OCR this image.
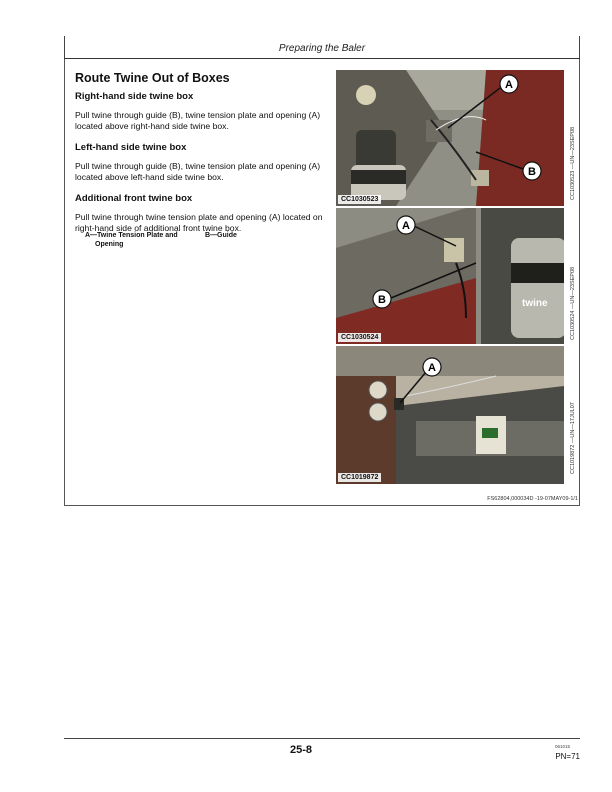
Preparing the Baler
Route Twine Out of Boxes
Right-hand side twine box
Pull twine through guide (B), twine tension plate and opening (A) located above right-hand side twine box.
Left-hand side twine box
Pull twine through guide (B), twine tension plate and opening (A) located above left-hand side twine box.
Additional front twine box
Pull twine through twine tension plate and opening (A) located on right-hand side of additional front twine box.
A—Twine Tension Plate and Opening
B—Guide
A
B
CC1030523	CC1030523 —UN—23SEP08
twine
A
B
CC1030524	CC1030524 —UN—23SEP08
A
CC1019872
CC1019872 —UN—17JUL07
FS62804,000034D -19-07MAY09-1/1
25-8	061015
PN=71
